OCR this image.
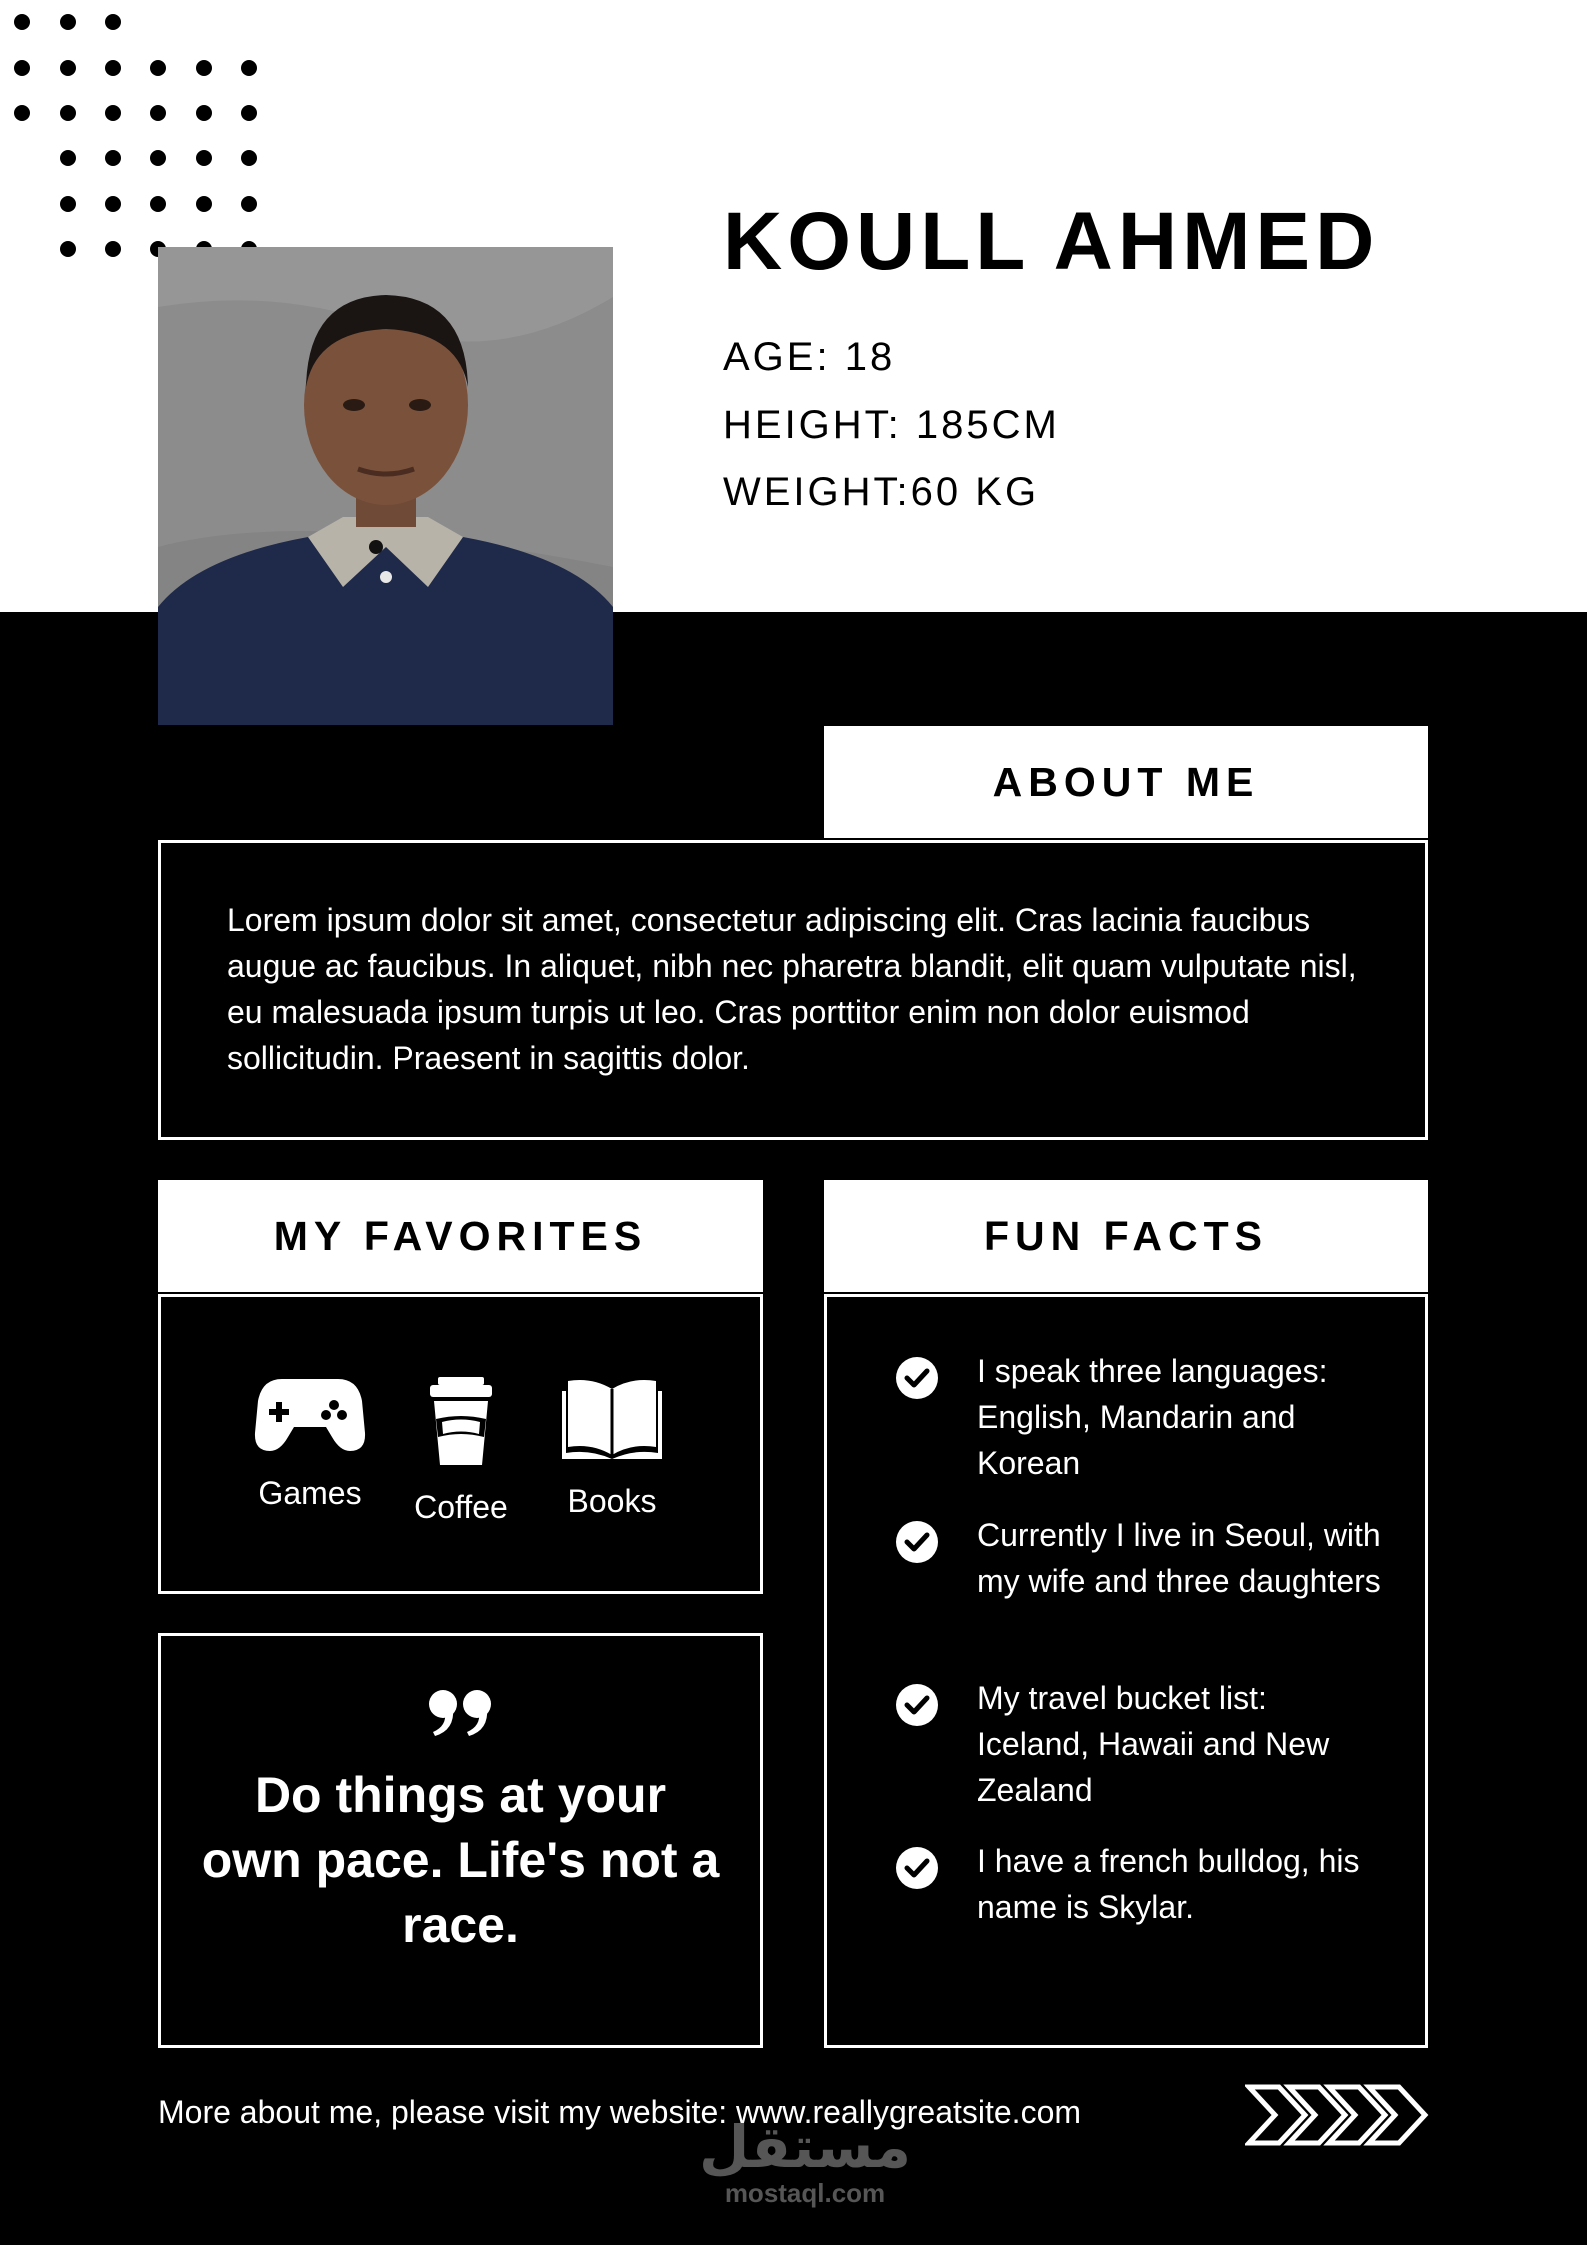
KOULL AHMED
AGE: 18
HEIGHT: 185CM
WEIGHT:60 KG
ABOUT ME
Lorem ipsum dolor sit amet, consectetur adipiscing elit. Cras lacinia faucibus augue ac faucibus. In aliquet, nibh nec pharetra blandit, elit quam vulputate nisl, eu malesuada ipsum turpis ut leo. Cras porttitor enim non dolor euismod sollicitudin. Praesent in sagittis dolor.
MY FAVORITES
Games	Coffee	Books
Do things at your own pace. Life's not a race.
FUN FACTS
I speak three languages: English, Mandarin and Korean
Currently I live in Seoul, with my wife and three daughters
My travel bucket list: Iceland, Hawaii and New Zealand
I have a french bulldog, his name is Skylar.
More about me, please visit my website: www.reallygreatsite.com
مستقل
mostaql.com
